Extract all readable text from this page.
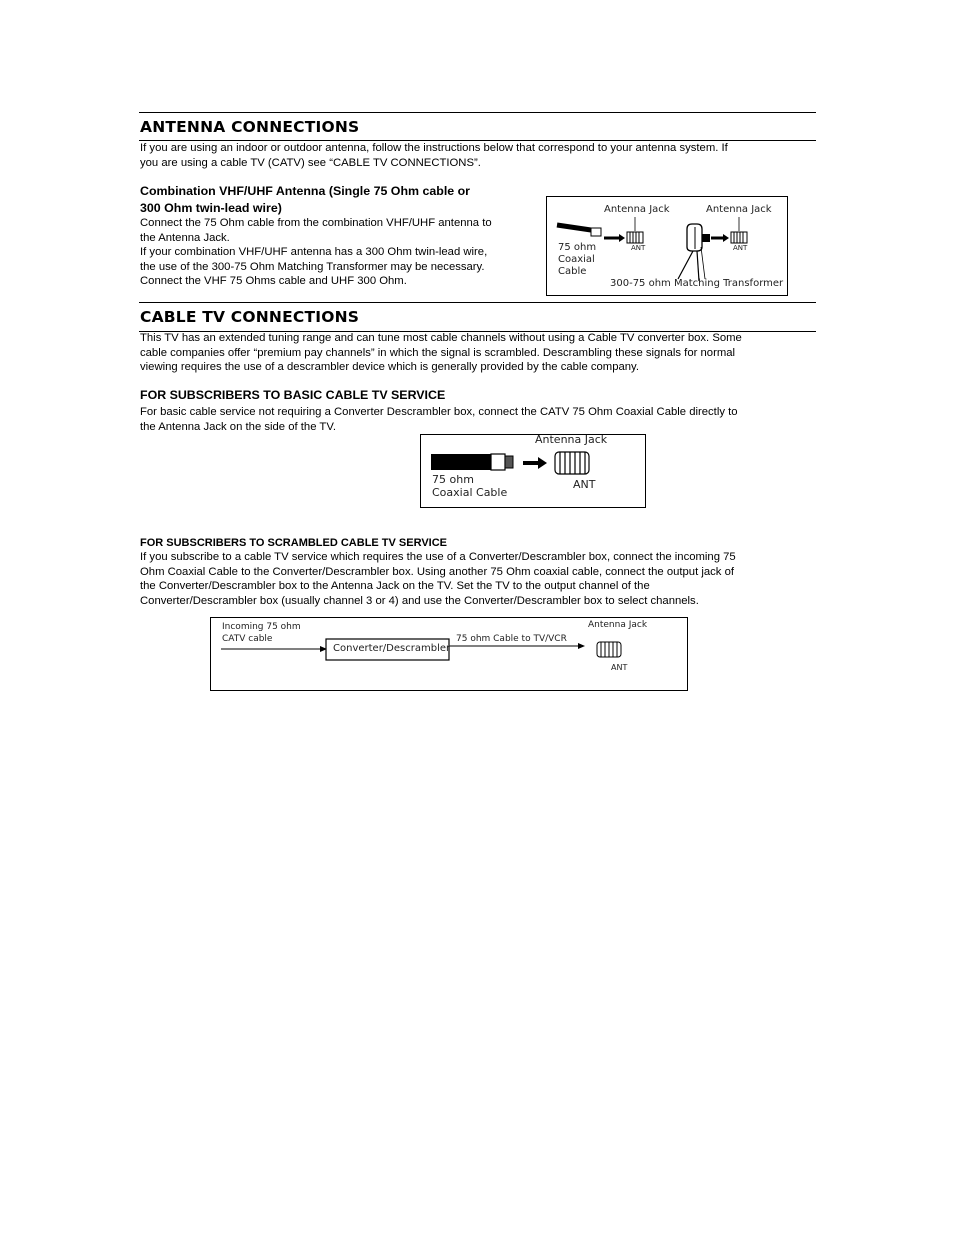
ANTENNA CONNECTIONS
If you are using an indoor or outdoor antenna, follow the instructions below that correspond to your antenna system. If
you are using a cable TV (CATV) see “CABLE TV CONNECTIONS”.
Combination VHF/UHF Antenna (Single 75 Ohm cable or
300 Ohm twin-lead wire)
Connect the 75 Ohm cable from the combination VHF/UHF antenna to
the Antenna Jack.
If your combination VHF/UHF antenna has a 300 Ohm twin-lead wire,
the use of the 300-75 Ohm Matching Transformer may be necessary.
Connect the VHF 75 Ohms cable and UHF 300 Ohm.
Antenna Jack	Antenna Jack
ANT	ANT
75 ohm
Coaxial
Cable
300-75 ohm Matching Transformer
CABLE TV CONNECTIONS
This TV has an extended tuning range and can tune most cable channels without using a Cable TV converter box. Some
cable companies offer “premium pay channels” in which the signal is scrambled. Descrambling these signals for normal
viewing requires the use of a descrambler device which is generally provided by the cable company.
FOR SUBSCRIBERS TO BASIC CABLE TV SERVICE
For basic cable service not requiring a Converter Descrambler box, connect the CATV 75 Ohm Coaxial Cable directly to
the Antenna Jack on the side of the TV.
Antenna Jack
ANT
75 ohm
Coaxial Cable
FOR SUBSCRIBERS TO SCRAMBLED CABLE TV SERVICE
If you subscribe to a cable TV service which requires the use of a Converter/Descrambler box, connect the incoming 75
Ohm Coaxial Cable to the Converter/Descrambler box. Using another 75 Ohm coaxial cable, connect the output jack of
the Converter/Descrambler box to the Antenna Jack on the TV. Set the TV to the output channel of the
Converter/Descrambler box (usually channel 3 or 4) and use the Converter/Descrambler box to select channels.
Incoming 75 ohm
CATV cable
Converter/Descrambler
75 ohm Cable to TV/VCR
Antenna Jack
ANT
